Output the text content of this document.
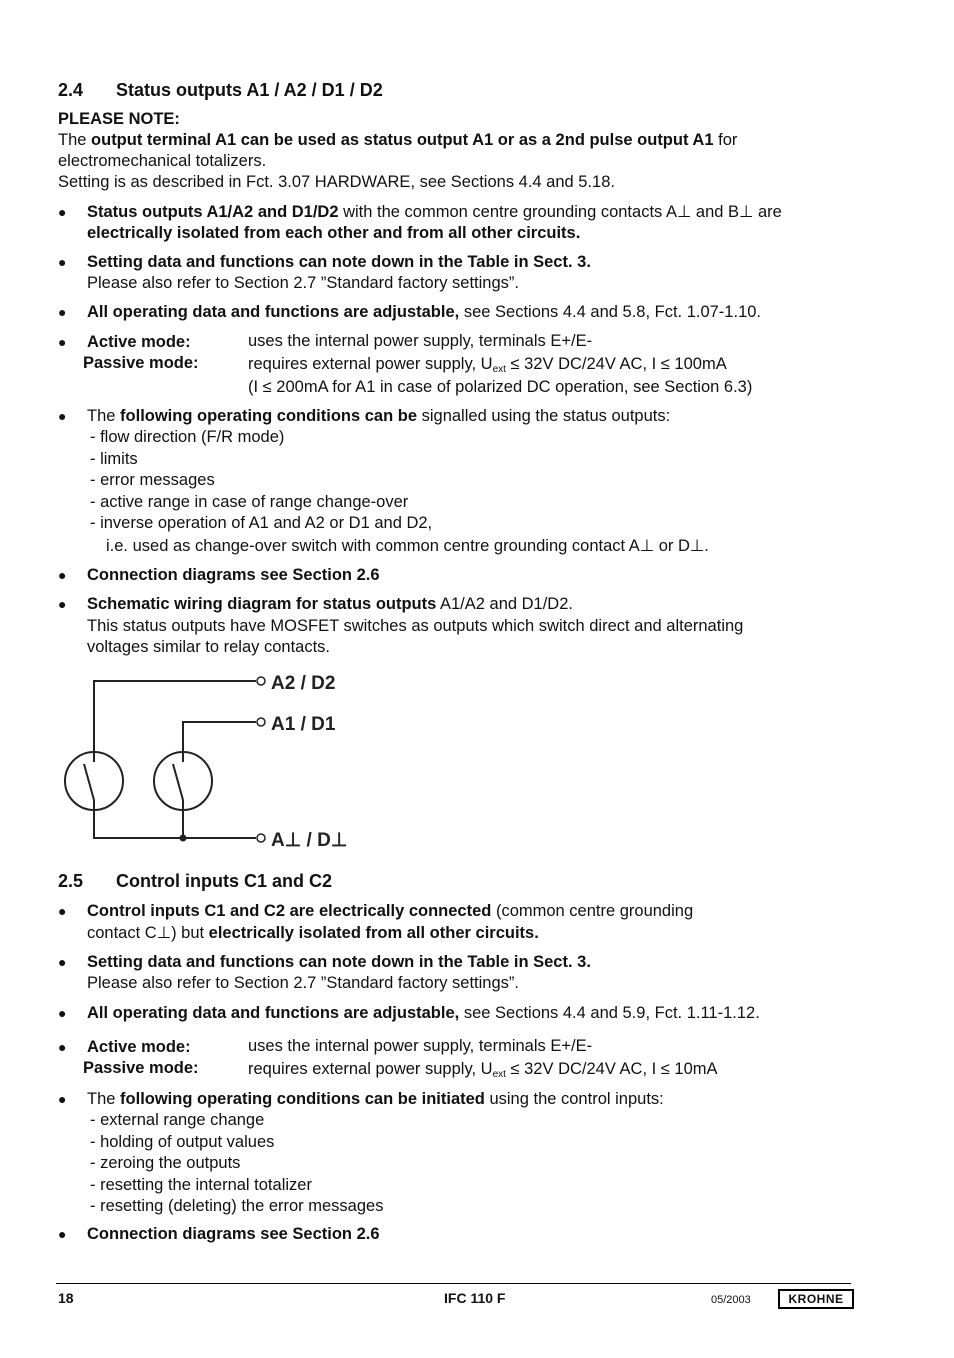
2.4 Status outputs A1 / A2 / D1 / D2
PLEASE NOTE:
The output terminal A1 can be used as status output A1 or as a 2nd pulse output A1 for
electromechanical totalizers.
Setting is as described in Fct. 3.07 HARDWARE, see Sections 4.4 and 5.18.
● Status outputs A1/A2 and D1/D2 with the common centre grounding contacts A⊥ and B⊥ are
electrically isolated from each other and from all other circuits.
● Setting data and functions can note down in the Table in Sect. 3.
Please also refer to Section 2.7 ”Standard factory settings”.
● All operating data and functions are adjustable, see Sections 4.4 and 5.8, Fct. 1.07-1.10.
● Active mode:	uses the internal power supply, terminals E+/E-
Passive mode:	requires external power supply, $U_{ext} \le 32V$ DC/24V AC, I ≤ 100mA
(I ≤ 200mA for A1 in case of polarized DC operation, see Section 6.3)
● The following operating conditions can be signalled using the status outputs:
- flow direction (F/R mode)
- limits
- error messages
- active range in case of range change-over
- inverse operation of A1 and A2 or D1 and D2,
i.e. used as change-over switch with common centre grounding contact A⊥ or D⊥.
● Connection diagrams see Section 2.6
● Schematic wiring diagram for status outputs A1/A2 and D1/D2.
This status outputs have MOSFET switches as outputs which switch direct and alternating
voltages similar to relay contacts.
A2 / D2
A1 / D1
A⊥ / D⊥
2.5 Control inputs C1 and C2
● Control inputs C1 and C2 are electrically connected (common centre grounding
contact C⊥) but electrically isolated from all other circuits.
● Setting data and functions can note down in the Table in Sect. 3.
Please also refer to Section 2.7 ”Standard factory settings”.
● All operating data and functions are adjustable, see Sections 4.4 and 5.9, Fct. 1.11-1.12.
● Active mode:	uses the internal power supply, terminals E+/E-
Passive mode:	requires external power supply, $U_{ext} \le 32V$ DC/24V AC, I ≤ 10mA
● The following operating conditions can be initiated using the control inputs:
- external range change
- holding of output values
- zeroing the outputs
- resetting the internal totalizer
- resetting (deleting) the error messages
● Connection diagrams see Section 2.6
18	IFC 110 F	05/2003	KROHNE
